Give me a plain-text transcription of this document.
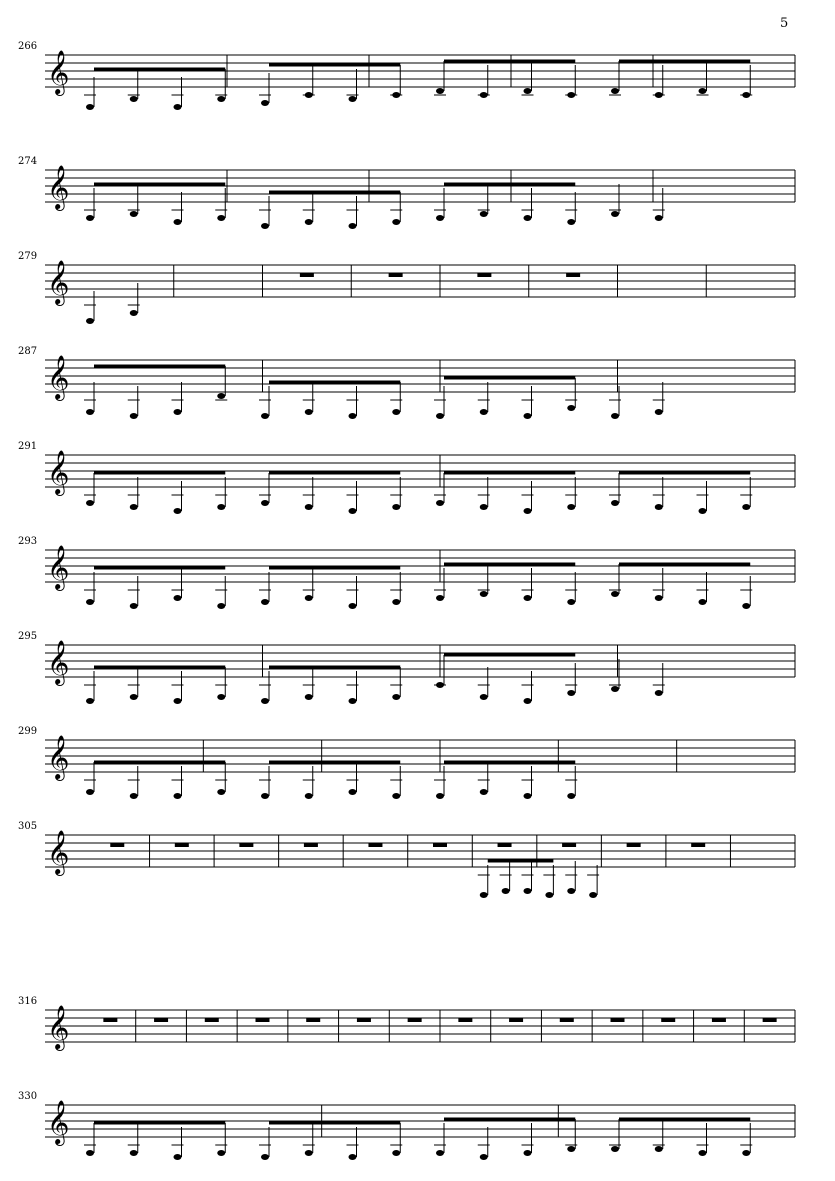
5
𝄞
266
𝄞
274
𝄞
279
𝄞
287
𝄞
291
𝄞
293
𝄞
295
𝄞
299
𝄞
305
𝄞
316
𝄞
330
